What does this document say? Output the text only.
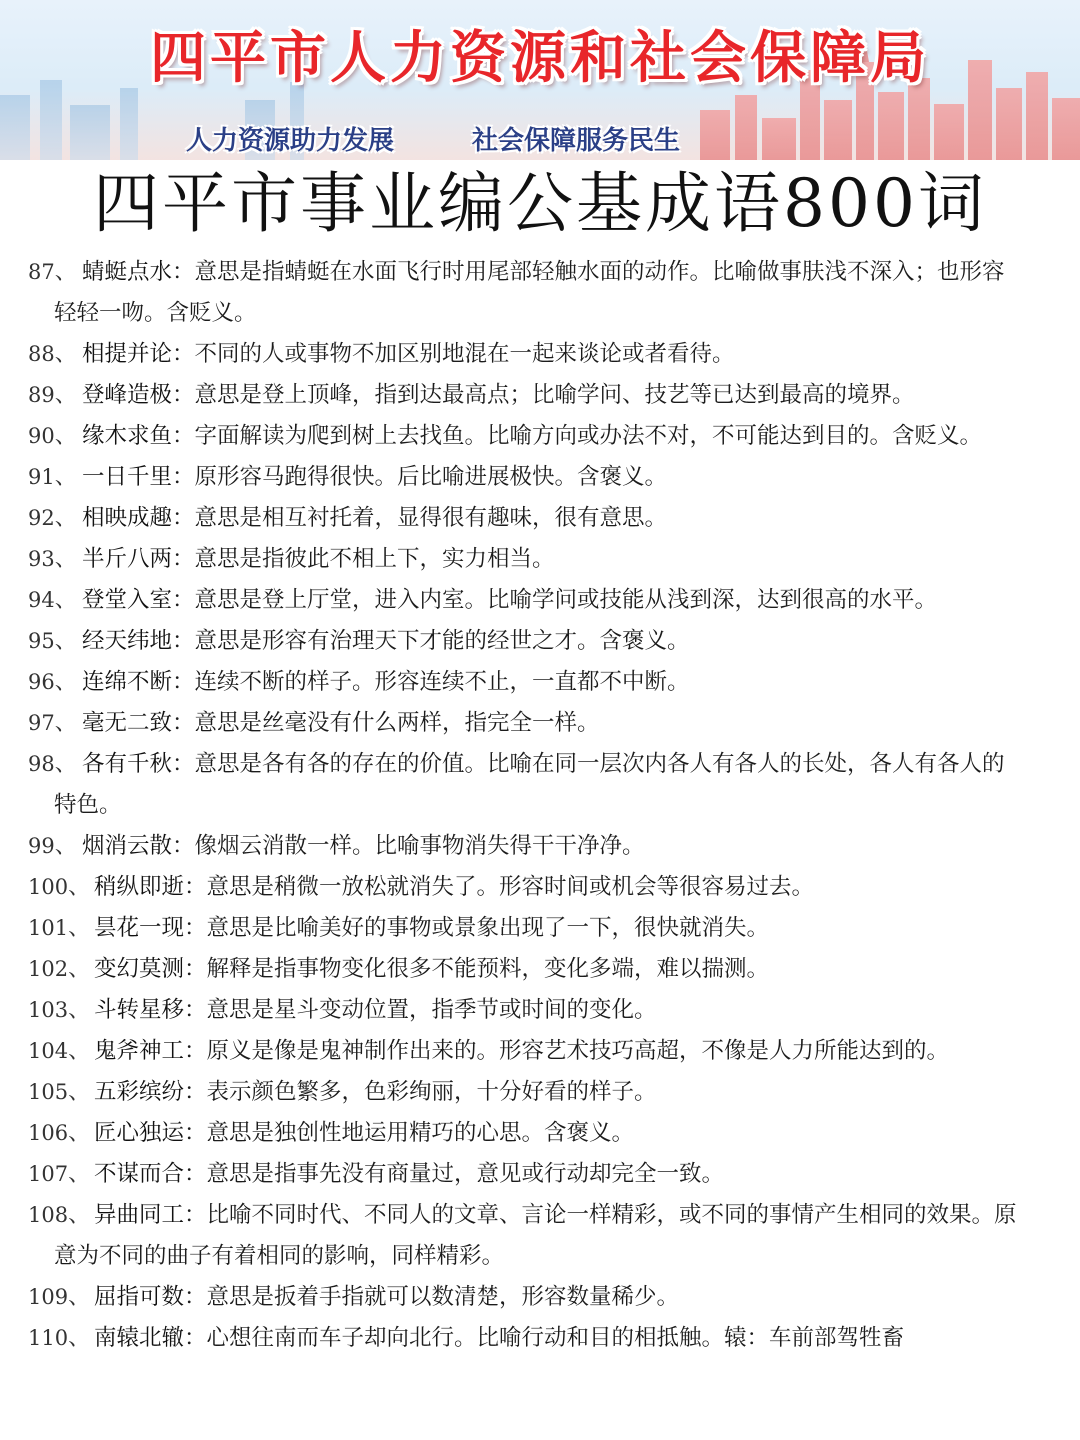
四平市人力资源和社会保障局
人力资源助力发展	社会保障服务民生
四平市事业编公基成语800词
87 、	蜻蜓点水：意思是指蜻蜓在水面飞行时用尾部轻触水面的动作。比喻做事肤浅不深入；也形容轻轻一吻。含贬义。
88 、	相提并论：不同的人或事物不加区别地混在一起来谈论或者看待。
89 、	登峰造极：意思是登上顶峰，指到达最高点；比喻学问、技艺等已达到最高的境界。
90 、	缘木求鱼：字面解读为爬到树上去找鱼。比喻方向或办法不对，不可能达到目的。含贬义。
91 、	一日千里：原形容马跑得很快。后比喻进展极快。含褒义。
92 、	相映成趣：意思是相互衬托着，显得很有趣味，很有意思。
93 、	半斤八两：意思是指彼此不相上下，实力相当。
94 、	登堂入室：意思是登上厅堂，进入内室。比喻学问或技能从浅到深，达到很高的水平。
95 、	经天纬地：意思是形容有治理天下才能的经世之才。含褒义。
96 、	连绵不断：连续不断的样子。形容连续不止，一直都不中断。
97 、	毫无二致：意思是丝毫没有什么两样，指完全一样。
98 、	各有千秋：意思是各有各的存在的价值。比喻在同一层次内各人有各人的长处，各人有各人的特色。
99 、	烟消云散：像烟云消散一样。比喻事物消失得干干净净。
100 、	稍纵即逝：意思是稍微一放松就消失了。形容时间或机会等很容易过去。
101 、	昙花一现：意思是比喻美好的事物或景象出现了一下，很快就消失。
102 、	变幻莫测：解释是指事物变化很多不能预料，变化多端，难以揣测。
103 、	斗转星移：意思是星斗变动位置，指季节或时间的变化。
104 、	鬼斧神工：原义是像是鬼神制作出来的。形容艺术技巧高超，不像是人力所能达到的。
105 、	五彩缤纷：表示颜色繁多，色彩绚丽，十分好看的样子。
106 、	匠心独运：意思是独创性地运用精巧的心思。含褒义。
107 、	不谋而合：意思是指事先没有商量过，意见或行动却完全一致。
108 、	异曲同工：比喻不同时代、不同人的文章、言论一样精彩，或不同的事情产生相同的效果。原意为不同的曲子有着相同的影响，同样精彩。
109 、	屈指可数：意思是扳着手指就可以数清楚，形容数量稀少。
110 、	南辕北辙：心想往南而车子却向北行。比喻行动和目的相抵触。辕：车前部驾牲畜
